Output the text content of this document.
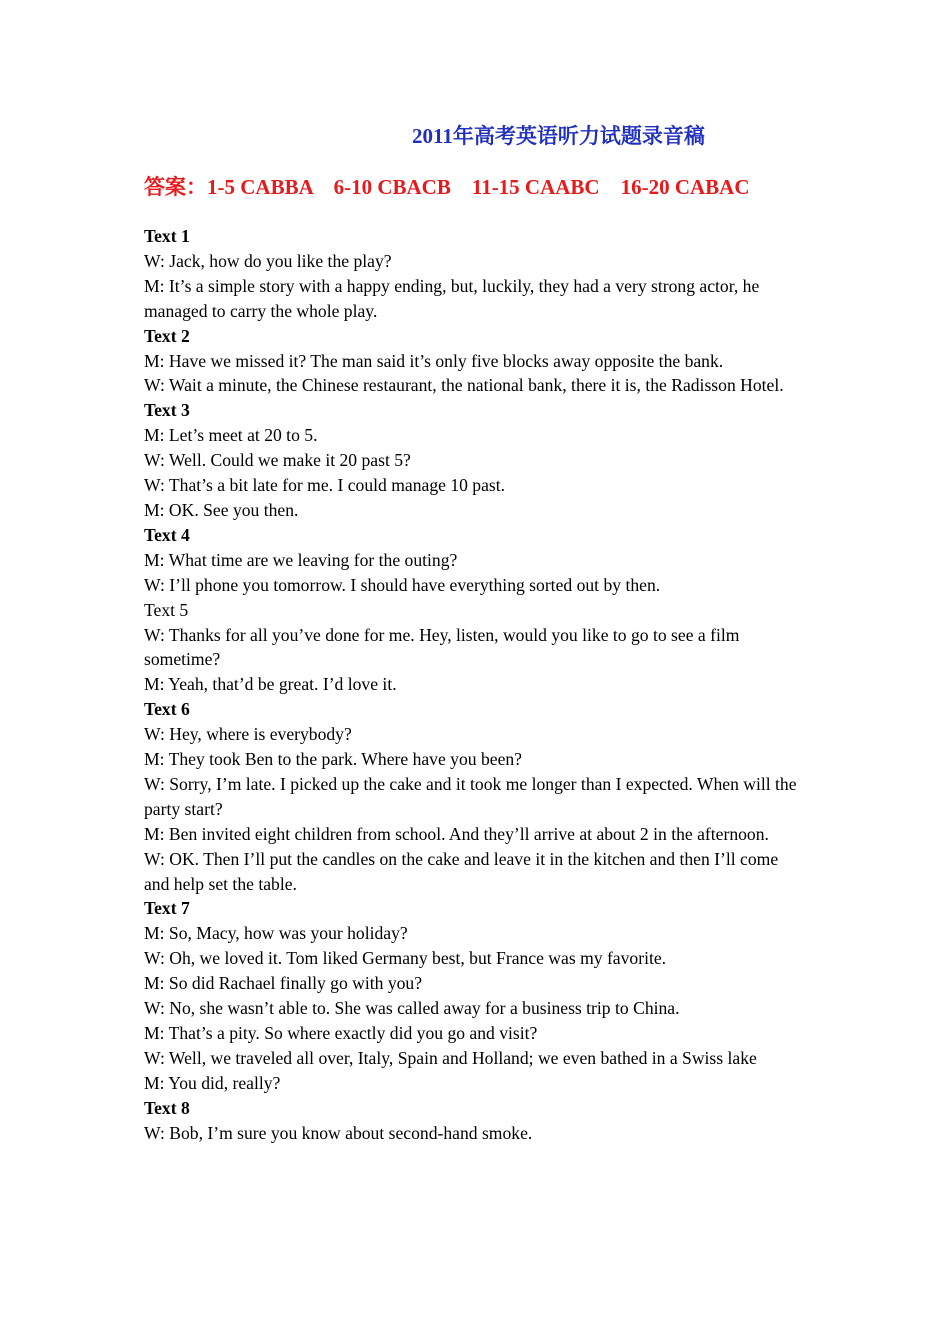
2011年高考英语听力试题录音稿
答案：1-5 CABBA    6-10 CBACB    11-15 CAABC    16-20 CABAC
Text 1
W: Jack, how do you like the play?
M: It’s a simple story with a happy ending, but, luckily, they had a very strong actor, he managed to carry the whole play.
Text 2
M: Have we missed it? The man said it’s only five blocks away opposite the bank.
W: Wait a minute, the Chinese restaurant, the national bank, there it is, the Radisson Hotel.
Text 3
M: Let’s meet at 20 to 5.
W: Well. Could we make it 20 past 5?
W: That’s a bit late for me. I could manage 10 past.
M: OK. See you then.
Text 4
M: What time are we leaving for the outing?
W: I’ll phone you tomorrow. I should have everything sorted out by then.
Text 5
W: Thanks for all you’ve done for me. Hey, listen, would you like to go to see a film sometime?
M: Yeah, that’d be great. I’d love it.
Text 6
W: Hey, where is everybody?
M: They took Ben to the park. Where have you been?
W: Sorry, I’m late. I picked up the cake and it took me longer than I expected. When will the party start?
M: Ben invited eight children from school. And they’ll arrive at about 2 in the afternoon.
W: OK. Then I’ll put the candles on the cake and leave it in the kitchen and then I’ll come and help set the table.
Text 7
M: So, Macy, how was your holiday?
W: Oh, we loved it. Tom liked Germany best, but France was my favorite.
M: So did Rachael finally go with you?
W: No, she wasn’t able to. She was called away for a business trip to China.
M: That’s a pity. So where exactly did you go and visit?
W: Well, we traveled all over, Italy, Spain and Holland; we even bathed in a Swiss lake
M: You did, really?
Text 8
W: Bob, I’m sure you know about second-hand smoke.
